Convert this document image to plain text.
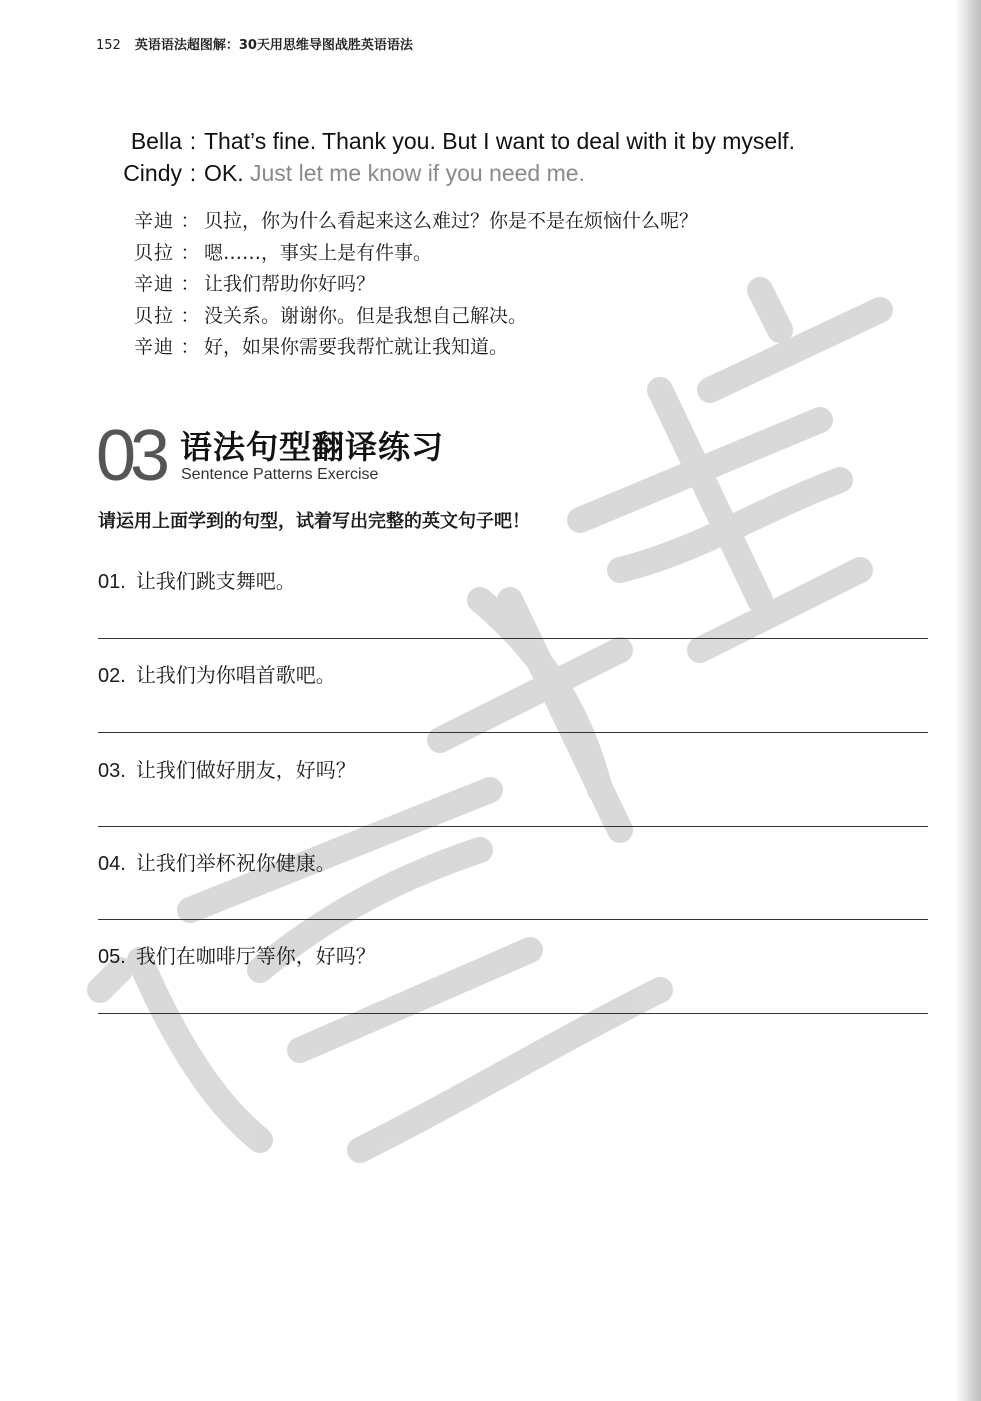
152 英语语法超图解：30天用思维导图战胜英语语法
Bella : That’s fine. Thank you. But I want to deal with it by myself.
Cindy : OK. Just let me know if you need me.
辛迪 ： 贝拉，你为什么看起来这么难过？你是不是在烦恼什么呢？
贝拉 ： 嗯……，事实上是有件事。
辛迪 ： 让我们帮助你好吗？
贝拉 ： 没关系。谢谢你。但是我想自己解决。
辛迪 ： 好，如果你需要我帮忙就让我知道。
03 语法句型翻译练习
Sentence Patterns Exercise
请运用上面学到的句型，试着写出完整的英文句子吧！
01. 让我们跳支舞吧。
02. 让我们为你唱首歌吧。
03. 让我们做好朋友，好吗？
04. 让我们举杯祝你健康。
05. 我们在咖啡厅等你，好吗？
